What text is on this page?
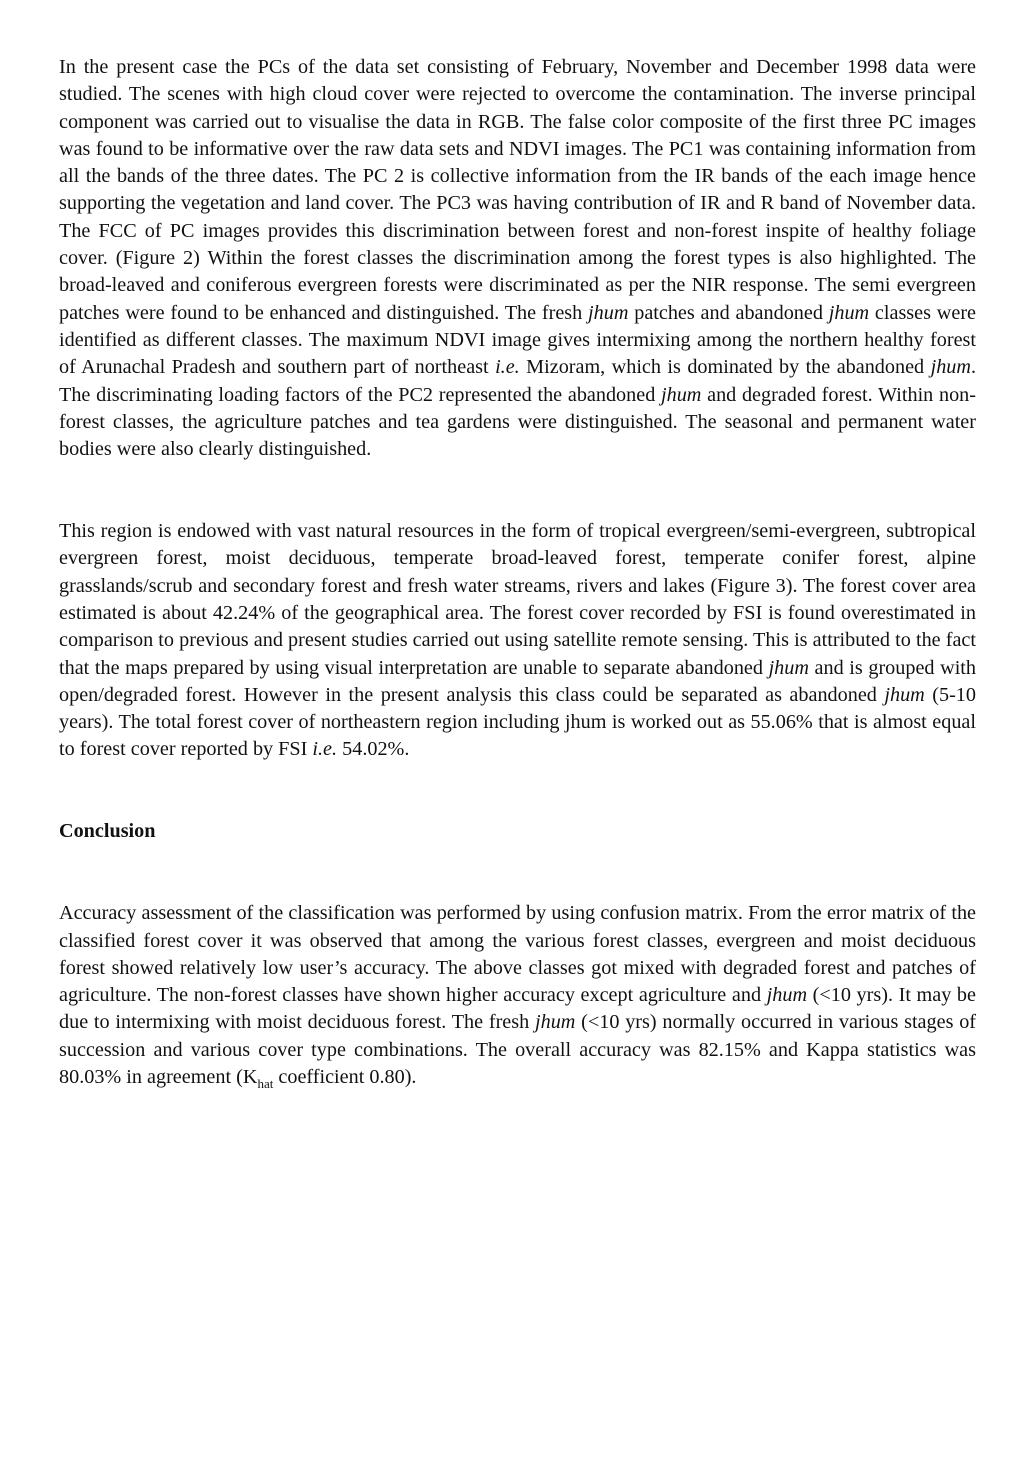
In the present case the PCs of the data set consisting of February, November and December 1998 data were studied. The scenes with high cloud cover were rejected to overcome the contamination. The inverse principal component was carried out to visualise the data in RGB. The false color composite of the first three PC images was found to be informative over the raw data sets and NDVI images. The PC1 was containing information from all the bands of the three dates. The PC 2 is collective information from the IR bands of the each image hence supporting the vegetation and land cover. The PC3 was having contribution of IR and R band of November data. The FCC of PC images provides this discrimination between forest and non-forest inspite of healthy foliage cover. (Figure 2) Within the forest classes the discrimination among the forest types is also highlighted. The broad-leaved and coniferous evergreen forests were discriminated as per the NIR response. The semi evergreen patches were found to be enhanced and distinguished. The fresh jhum patches and abandoned jhum classes were identified as different classes. The maximum NDVI image gives intermixing among the northern healthy forest of Arunachal Pradesh and southern part of northeast i.e. Mizoram, which is dominated by the abandoned jhum. The discriminating loading factors of the PC2 represented the abandoned jhum and degraded forest. Within non-forest classes, the agriculture patches and tea gardens were distinguished. The seasonal and permanent water bodies were also clearly distinguished.

This region is endowed with vast natural resources in the form of tropical evergreen/semi-evergreen, subtropical evergreen forest, moist deciduous, temperate broad-leaved forest, temperate conifer forest, alpine grasslands/scrub and secondary forest and fresh water streams, rivers and lakes (Figure 3). The forest cover area estimated is about 42.24% of the geographical area. The forest cover recorded by FSI is found overestimated in comparison to previous and present studies carried out using satellite remote sensing. This is attributed to the fact that the maps prepared by using visual interpretation are unable to separate abandoned jhum and is grouped with open/degraded forest. However in the present analysis this class could be separated as abandoned jhum (5-10 years). The total forest cover of northeastern region including jhum is worked out as 55.06% that is almost equal to forest cover reported by FSI i.e. 54.02%.

Conclusion

Accuracy assessment of the classification was performed by using confusion matrix. From the error matrix of the classified forest cover it was observed that among the various forest classes, evergreen and moist deciduous forest showed relatively low user’s accuracy. The above classes got mixed with degraded forest and patches of agriculture. The non-forest classes have shown higher accuracy except agriculture and jhum (<10 yrs). It may be due to intermixing with moist deciduous forest. The fresh jhum (<10 yrs) normally occurred in various stages of succession and various cover type combinations. The overall accuracy was 82.15% and Kappa statistics was 80.03% in agreement ($K_{hat}$ coefficient 0.80).
